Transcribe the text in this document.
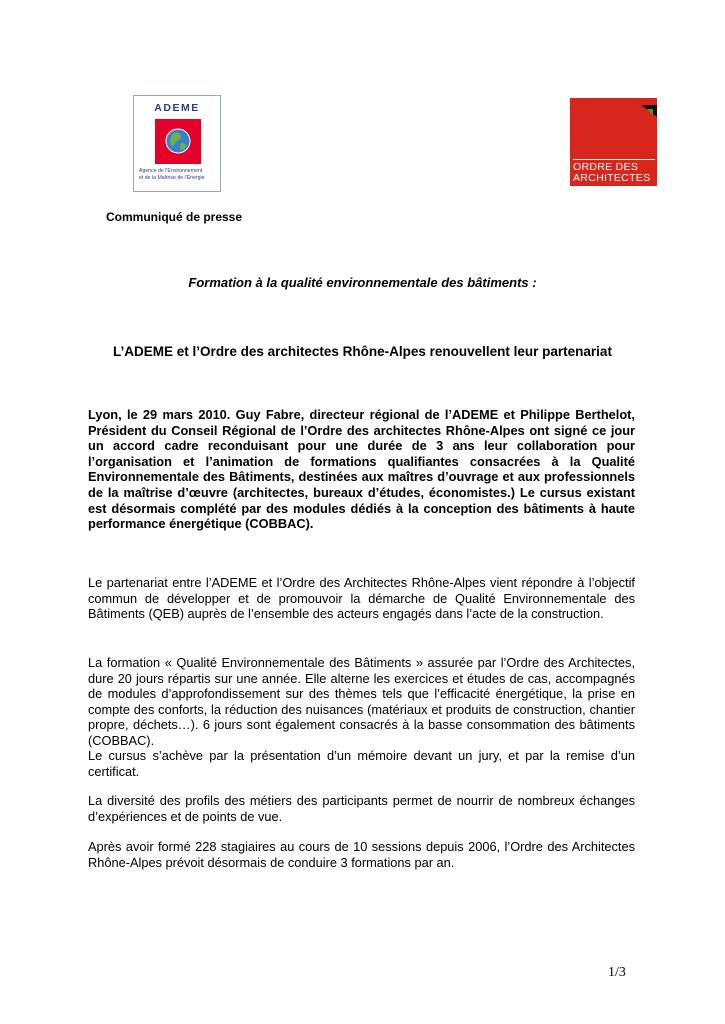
ADEME
Agence de l'Environnement
et de la Maîtrise de l'Energie
ORDRE DES
ARCHITECTES
Communiqué de presse
Formation à la qualité environnementale des bâtiments :
L’ADEME et l’Ordre des architectes Rhône-Alpes renouvellent leur partenariat

Lyon, le 29 mars 2010. Guy Fabre, directeur régional de l’ADEME et Philippe Berthelot, Président du Conseil Régional de l’Ordre des architectes Rhône-Alpes ont signé ce jour un accord cadre reconduisant pour une durée de 3 ans leur collaboration pour l’organisation et l’animation de formations qualifiantes consacrées à la Qualité Environnementale des Bâtiments, destinées aux maîtres d’ouvrage et aux professionnels de la maîtrise d’œuvre (architectes, bureaux d’études, économistes.) Le cursus existant est désormais complété par des modules dédiés à la conception des bâtiments à haute performance énergétique (COBBAC).

Le partenariat entre l’ADEME et l’Ordre des Architectes Rhône-Alpes vient répondre à l’objectif commun de développer et de promouvoir la démarche de Qualité Environnementale des Bâtiments (QEB) auprès de l’ensemble des acteurs engagés dans l’acte de la construction.

La formation « Qualité Environnementale des Bâtiments » assurée par l’Ordre des Architectes, dure 20 jours répartis sur une année. Elle alterne les exercices et études de cas, accompagnés de modules d’approfondissement sur des thèmes tels que l’efficacité énergétique, la prise en compte des conforts, la réduction des nuisances (matériaux et produits de construction, chantier propre, déchets…). 6 jours sont également consacrés à la basse consommation des bâtiments (COBBAC).

Le cursus s’achève par la présentation d’un mémoire devant un jury, et par la remise d’un certificat.

La diversité des profils des métiers des participants permet de nourrir de nombreux échanges d’expériences et de points de vue.

Après avoir formé 228 stagiaires au cours de 10 sessions depuis 2006, l’Ordre des Architectes Rhône-Alpes prévoit désormais de conduire 3 formations par an.

1/3
